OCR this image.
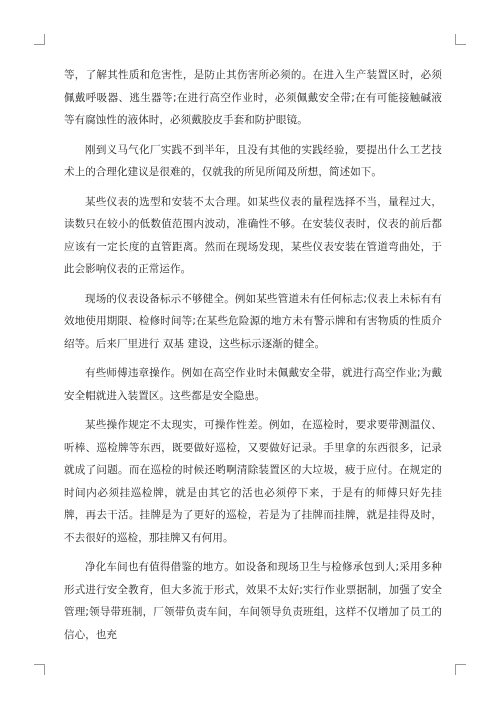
等，了解其性质和危害性，是防止其伤害所必须的。在进入生产装置区时，必须佩戴呼吸器、逃生器等;在进行高空作业时，必须佩戴安全带;在有可能接触碱液等有腐蚀性的液体时，必须戴胶皮手套和防护眼镜。

刚到义马气化厂实践不到半年，且没有其他的实践经验，要提出什么工艺技术上的合理化建议是很难的，仅就我的所见所闻及所想，简述如下。

某些仪表的选型和安装不太合理。如某些仪表的量程选择不当，量程过大，读数只在较小的低数值范围内波动，准确性不够。在安装仪表时，仪表的前后都应该有一定长度的直管距离。然而在现场发现，某些仪表安装在管道弯曲处，于此会影响仪表的正常运作。

现场的仪表设备标示不够健全。例如某些管道未有任何标志;仪表上未标有有效地使用期限、检修时间等;在某些危险源的地方未有警示牌和有害物质的性质介绍等。后来厂里进行 双基 建设，这些标示逐渐的健全。

有些师傅违章操作。例如在高空作业时未佩戴安全带，就进行高空作业;为戴安全帽就进入装置区。这些都是安全隐患。

某些操作规定不太现实，可操作性差。例如，在巡检时，要求要带测温仪、听棒、巡检牌等东西，既要做好巡检，又要做好记录。手里拿的东西很多，记录就成了问题。而在巡检的时候还哟啊清除装置区的大垃圾，疲于应付。在规定的时间内必须挂巡检牌，就是由其它的活也必须停下来，于是有的师傅只好先挂牌，再去干活。挂牌是为了更好的巡检，若是为了挂牌而挂牌，就是挂得及时，不去很好的巡检，那挂牌又有何用。

净化车间也有值得借鉴的地方。如设备和现场卫生与检修承包到人;采用多种形式进行安全教育，但大多流于形式，效果不太好;实行作业票据制，加强了安全管理;领导带班制，厂领带负责车间，车间领导负责班组，这样不仅增加了员工的信心，也充
